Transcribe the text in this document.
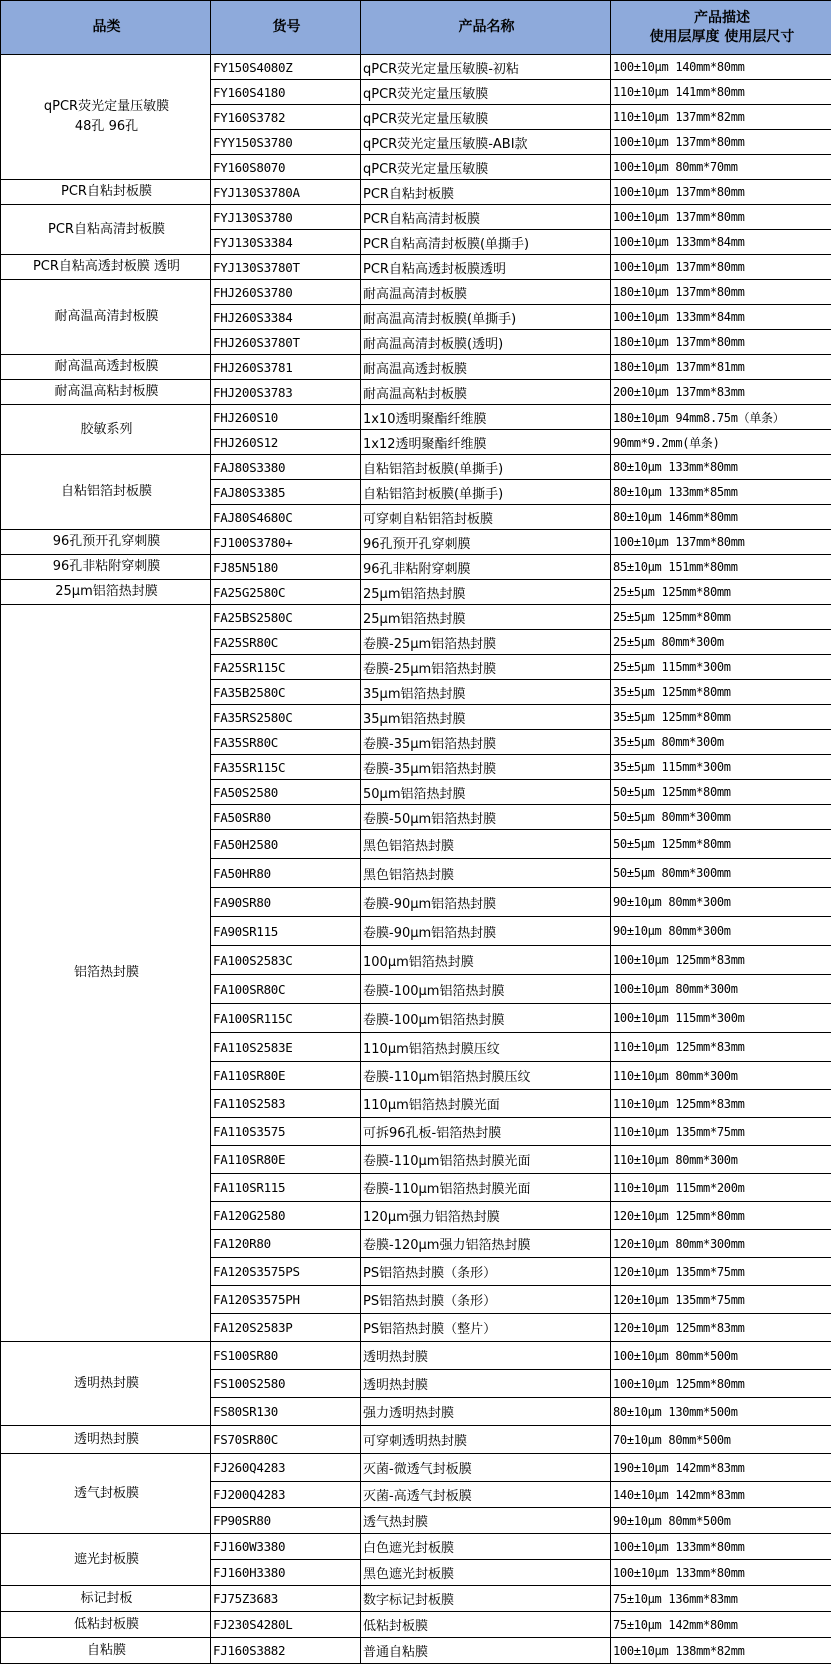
品类	货号	产品名称	产品描述
使用层厚度 使用层尺寸

qPCR荧光定量压敏膜
48孔 96孔	FY150S4080Z	qPCR荧光定量压敏膜-初粘	100±10μm 140mm*80mm
	FY160S4180	qPCR荧光定量压敏膜	110±10μm 141mm*80mm
	FY160S3782	qPCR荧光定量压敏膜	110±10μm 137mm*82mm
	FYY150S3780	qPCR荧光定量压敏膜-ABI款	100±10μm 137mm*80mm
	FY160S8070	qPCR荧光定量压敏膜	100±10μm 80mm*70mm

PCR自粘封板膜	FYJ130S3780A	PCR自粘封板膜	100±10μm 137mm*80mm

PCR自粘高清封板膜	FYJ130S3780	PCR自粘高清封板膜	100±10μm 137mm*80mm
	FYJ130S3384	PCR自粘高清封板膜(单撕手)	100±10μm 133mm*84mm

PCR自粘高透封板膜 透明	FYJ130S3780T	PCR自粘高透封板膜透明	100±10μm 137mm*80mm

耐高温高清封板膜	FHJ260S3780	耐高温高清封板膜	180±10μm 137mm*80mm
	FHJ260S3384	耐高温高清封板膜(单撕手)	100±10μm 133mm*84mm
	FHJ260S3780T	耐高温高清封板膜(透明)	180±10μm 137mm*80mm

耐高温高透封板膜	FHJ260S3781	耐高温高透封板膜	180±10μm 137mm*81mm

耐高温高粘封板膜	FHJ200S3783	耐高温高粘封板膜	200±10μm 137mm*83mm

胶敏系列	FHJ260S10	1x10透明聚酯纤维膜	180±10μm 94mm8.75m（单条）
	FHJ260S12	1x12透明聚酯纤维膜	90mm*9.2mm(单条)

自粘铝箔封板膜	FAJ80S3380	自粘铝箔封板膜(单撕手)	80±10μm 133mm*80mm
	FAJ80S3385	自粘铝箔封板膜(单撕手)	80±10μm 133mm*85mm
	FAJ80S4680C	可穿刺自粘铝箔封板膜	80±10μm 146mm*80mm

96孔预开孔穿刺膜	FJ100S3780+	96孔预开孔穿刺膜	100±10μm 137mm*80mm

96孔非粘附穿刺膜	FJ85N5180	96孔非粘附穿刺膜	85±10μm 151mm*80mm

25μm铝箔热封膜	FA25G2580C	25μm铝箔热封膜	25±5μm 125mm*80mm

铝箔热封膜	FA25BS2580C	25μm铝箔热封膜	25±5μm 125mm*80mm
	FA25SR80C	卷膜-25μm铝箔热封膜	25±5μm 80mm*300m
	FA25SR115C	卷膜-25μm铝箔热封膜	25±5μm 115mm*300m
	FA35B2580C	35μm铝箔热封膜	35±5μm 125mm*80mm
	FA35RS2580C	35μm铝箔热封膜	35±5μm 125mm*80mm
	FA35SR80C	卷膜-35μm铝箔热封膜	35±5μm 80mm*300m
	FA35SR115C	卷膜-35μm铝箔热封膜	35±5μm 115mm*300m
	FA50S2580	50μm铝箔热封膜	50±5μm 125mm*80mm
	FA50SR80	卷膜-50μm铝箔热封膜	50±5μm 80mm*300mm
	FA50H2580	黑色铝箔热封膜	50±5μm 125mm*80mm
	FA50HR80	黑色铝箔热封膜	50±5μm 80mm*300mm
	FA90SR80	卷膜-90μm铝箔热封膜	90±10μm 80mm*300m
	FA90SR115	卷膜-90μm铝箔热封膜	90±10μm 80mm*300m
	FA100S2583C	100μm铝箔热封膜	100±10μm 125mm*83mm
	FA100SR80C	卷膜-100μm铝箔热封膜	100±10μm 80mm*300m
	FA100SR115C	卷膜-100μm铝箔热封膜	100±10μm 115mm*300m
	FA110S2583E	110μm铝箔热封膜压纹	110±10μm 125mm*83mm
	FA110SR80E	卷膜-110μm铝箔热封膜压纹	110±10μm 80mm*300m
	FA110S2583	110μm铝箔热封膜光面	110±10μm 125mm*83mm
	FA110S3575	可拆96孔板-铝箔热封膜	110±10μm 135mm*75mm
	FA110SR80E	卷膜-110μm铝箔热封膜光面	110±10μm 80mm*300m
	FA110SR115	卷膜-110μm铝箔热封膜光面	110±10μm 115mm*200m
	FA120G2580	120μm强力铝箔热封膜	120±10μm 125mm*80mm
	FA120R80	卷膜-120μm强力铝箔热封膜	120±10μm 80mm*300mm
	FA120S3575PS	PS铝箔热封膜（条形）	120±10μm 135mm*75mm
	FA120S3575PH	PS铝箔热封膜（条形）	120±10μm 135mm*75mm
	FA120S2583P	PS铝箔热封膜（整片）	120±10μm 125mm*83mm

透明热封膜	FS100SR80	透明热封膜	100±10μm 80mm*500m
	FS100S2580	透明热封膜	100±10μm 125mm*80mm
	FS80SR130	强力透明热封膜	80±10μm 130mm*500m

透明热封膜	FS70SR80C	可穿刺透明热封膜	70±10μm 80mm*500m

透气封板膜	FJ260Q4283	灭菌-微透气封板膜	190±10μm 142mm*83mm
	FJ200Q4283	灭菌-高透气封板膜	140±10μm 142mm*83mm
	FP90SR80	透气热封膜	90±10μm 80mm*500m

遮光封板膜	FJ160W3380	白色遮光封板膜	100±10μm 133mm*80mm
	FJ160H3380	黑色遮光封板膜	100±10μm 133mm*80mm

标记封板	FJ75Z3683	数字标记封板膜	75±10μm 136mm*83mm

低粘封板膜	FJ230S4280L	低粘封板膜	75±10μm 142mm*80mm

自粘膜	FJ160S3882	普通自粘膜	100±10μm 138mm*82mm
